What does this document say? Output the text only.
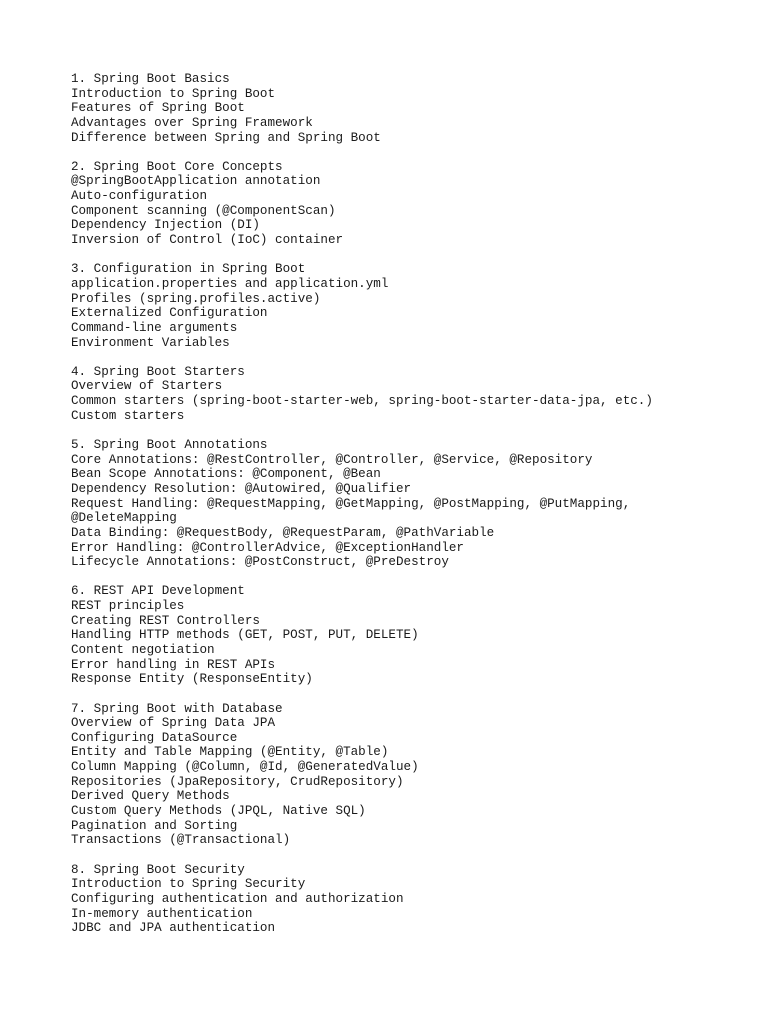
1. Spring Boot Basics
Introduction to Spring Boot
Features of Spring Boot
Advantages over Spring Framework
Difference between Spring and Spring Boot
2. Spring Boot Core Concepts
@SpringBootApplication annotation
Auto-configuration
Component scanning (@ComponentScan)
Dependency Injection (DI)
Inversion of Control (IoC) container
3. Configuration in Spring Boot
application.properties and application.yml
Profiles (spring.profiles.active)
Externalized Configuration
Command-line arguments
Environment Variables
4. Spring Boot Starters
Overview of Starters
Common starters (spring-boot-starter-web, spring-boot-starter-data-jpa, etc.)
Custom starters
5. Spring Boot Annotations
Core Annotations: @RestController, @Controller, @Service, @Repository
Bean Scope Annotations: @Component, @Bean
Dependency Resolution: @Autowired, @Qualifier
Request Handling: @RequestMapping, @GetMapping, @PostMapping, @PutMapping,
@DeleteMapping
Data Binding: @RequestBody, @RequestParam, @PathVariable
Error Handling: @ControllerAdvice, @ExceptionHandler
Lifecycle Annotations: @PostConstruct, @PreDestroy
6. REST API Development
REST principles
Creating REST Controllers
Handling HTTP methods (GET, POST, PUT, DELETE)
Content negotiation
Error handling in REST APIs
Response Entity (ResponseEntity)
7. Spring Boot with Database
Overview of Spring Data JPA
Configuring DataSource
Entity and Table Mapping (@Entity, @Table)
Column Mapping (@Column, @Id, @GeneratedValue)
Repositories (JpaRepository, CrudRepository)
Derived Query Methods
Custom Query Methods (JPQL, Native SQL)
Pagination and Sorting
Transactions (@Transactional)
8. Spring Boot Security
Introduction to Spring Security
Configuring authentication and authorization
In-memory authentication
JDBC and JPA authentication
